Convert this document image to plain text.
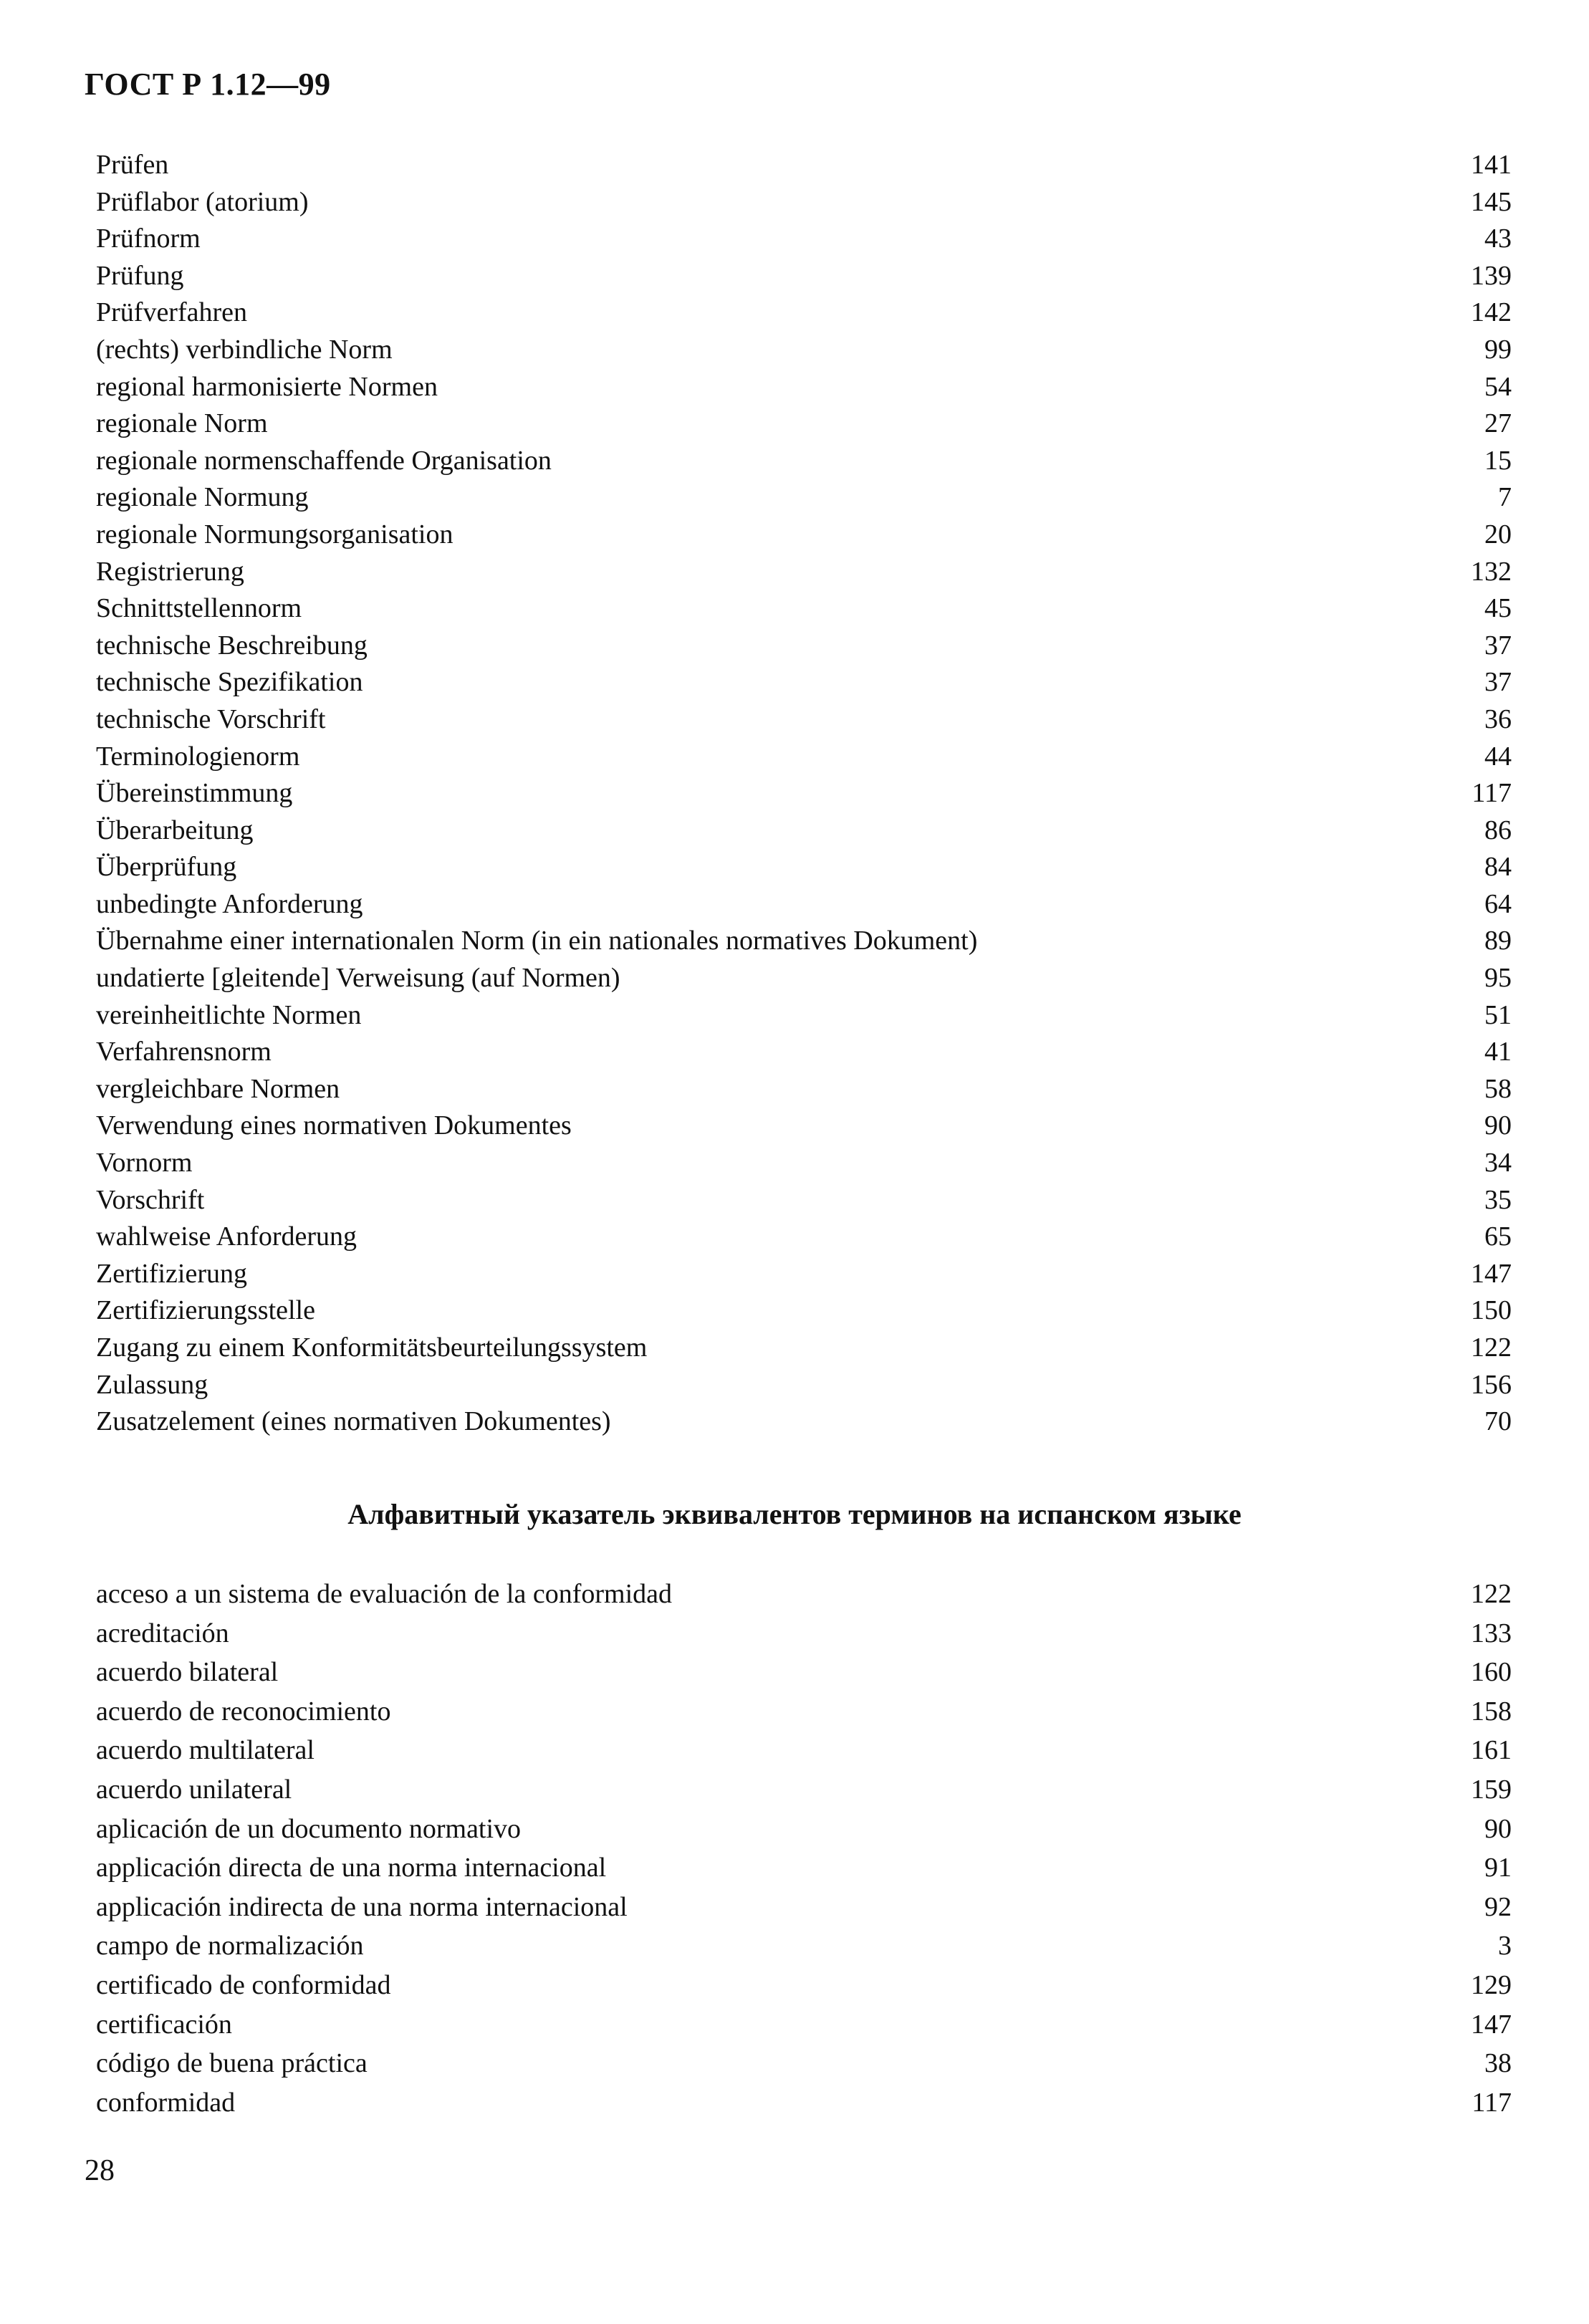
ГОСТ Р 1.12—99
Prüfen	141
Prüflabor (atorium)	145
Prüfnorm	43
Prüfung	139
Prüfverfahren	142
(rechts) verbindliche Norm	99
regional harmonisierte Normen	54
regionale Norm	27
regionale normenschaffende Organisation	15
regionale Normung	7
regionale Normungsorganisation	20
Registrierung	132
Schnittstellennorm	45
technische Beschreibung	37
technische Spezifikation	37
technische Vorschrift	36
Terminologienorm	44
Übereinstimmung	117
Überarbeitung	86
Überprüfung	84
unbedingte Anforderung	64
Übernahme einer internationalen Norm (in ein nationales normatives Dokument)	89
undatierte [gleitende] Verweisung (auf Normen)	95
vereinheitlichte Normen	51
Verfahrensnorm	41
vergleichbare Normen	58
Verwendung eines normativen Dokumentes	90
Vornorm	34
Vorschrift	35
wahlweise Anforderung	65
Zertifizierung	147
Zertifizierungsstelle	150
Zugang zu einem Konformitätsbeurteilungssystem	122
Zulassung	156
Zusatzelement (eines normativen Dokumentes)	70
Алфавитный указатель эквивалентов терминов на испанском языке
acceso a un sistema de evaluación de la conformidad	122
acreditación	133
acuerdo bilateral	160
acuerdo de reconocimiento	158
acuerdo multilateral	161
acuerdo unilateral	159
aplicación de un documento normativo	90
applicación directa de una norma internacional	91
applicación indirecta de una norma internacional	92
campo de normalización	3
certificado de conformidad	129
certificación	147
código de buena práctica	38
conformidad	117
28
